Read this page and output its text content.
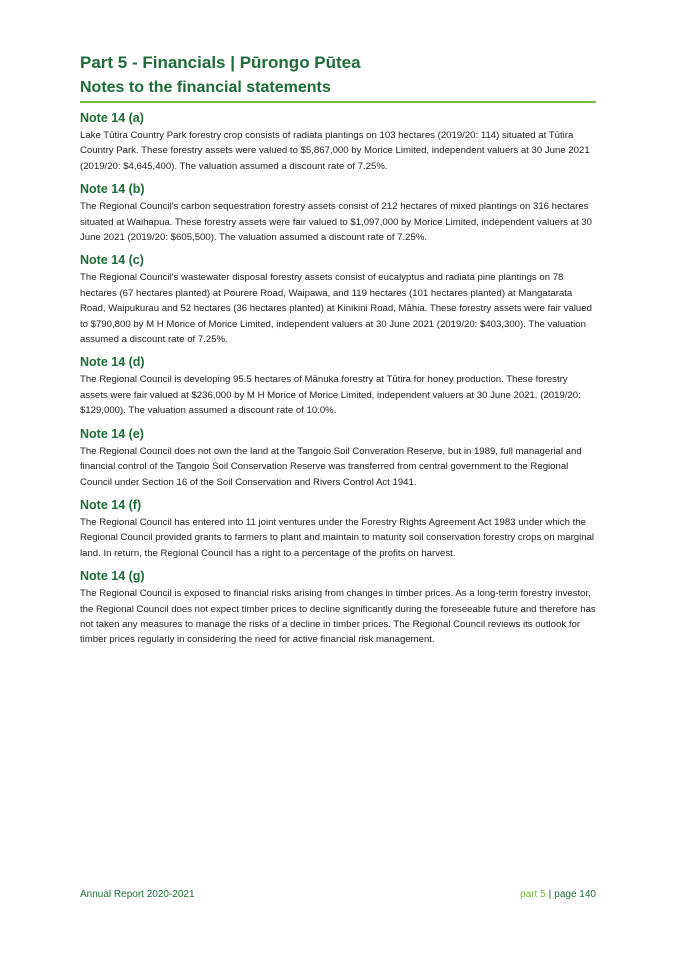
Part 5 - Financials | Pūrongo Pūtea
Notes to the financial statements
Note 14 (a)

Lake Tūtira Country Park forestry crop consists of radiata plantings on 103 hectares (2019/20: 114) situated at Tūtira Country Park. These forestry assets were valued to $5,867,000 by Morice Limited, independent valuers at 30 June 2021 (2019/20: $4,645,400). The valuation assumed a discount rate of 7.25%.

Note 14 (b)

The Regional Council's carbon sequestration forestry assets consist of 212 hectares of mixed plantings on 316 hectares situated at Waihapua. These forestry assets were fair valued to $1,097,000 by Morice Limited, independent valuers at 30 June 2021 (2019/20: $605,500). The valuation assumed a discount rate of 7.25%.

Note 14 (c)

The Regional Council's wastewater disposal forestry assets consist of eucalyptus and radiata pine plantings on 78 hectares (67 hectares planted) at Pourere Road, Waipawa, and 119 hectares (101 hectares planted) at Mangatarata Road, Waipukurau and 52 hectares (36 hectares planted) at Kinikini Road, Māhia. These forestry assets were fair valued to $790,800 by M H Morice of Morice Limited, independent valuers at 30 June 2021 (2019/20: $403,300). The valuation assumed a discount rate of 7.25%.

Note 14 (d)

The Regional Council is developing 95.5 hectares of Mānuka forestry at Tūtira for honey production. These forestry assets were fair valued at $236,000 by M H Morice of Morice Limited, independent valuers at 30 June 2021. (2019/20: $129,000). The valuation assumed a discount rate of 10.0%.

Note 14 (e)

The Regional Council does not own the land at the Tangoio Soil Converation Reserve, but in 1989, full managerial and financial control of the Tangoio Soil Conservation Reserve was transferred from central government to the Regional Council under Section 16 of the Soil Conservation and Rivers Control Act 1941.

Note 14 (f)

The Regional Council has entered into 11 joint ventures under the Forestry Rights Agreement Act 1983 under which the Regional Council provided grants to farmers to plant and maintain to maturity soil conservation forestry crops on marginal land. In return, the Regional Council has a right to a percentage of the profits on harvest.

Note 14 (g)

The Regional Council is exposed to financial risks arising from changes in timber prices. As a long-term forestry investor, the Regional Council does not expect timber prices to decline significantly during the foreseeable future and therefore has not taken any measures to manage the risks of a decline in timber prices. The Regional Council reviews its outlook for timber prices regularly in considering the need for active financial risk management.

Annual Report 2020-2021	part 5 | page 140
